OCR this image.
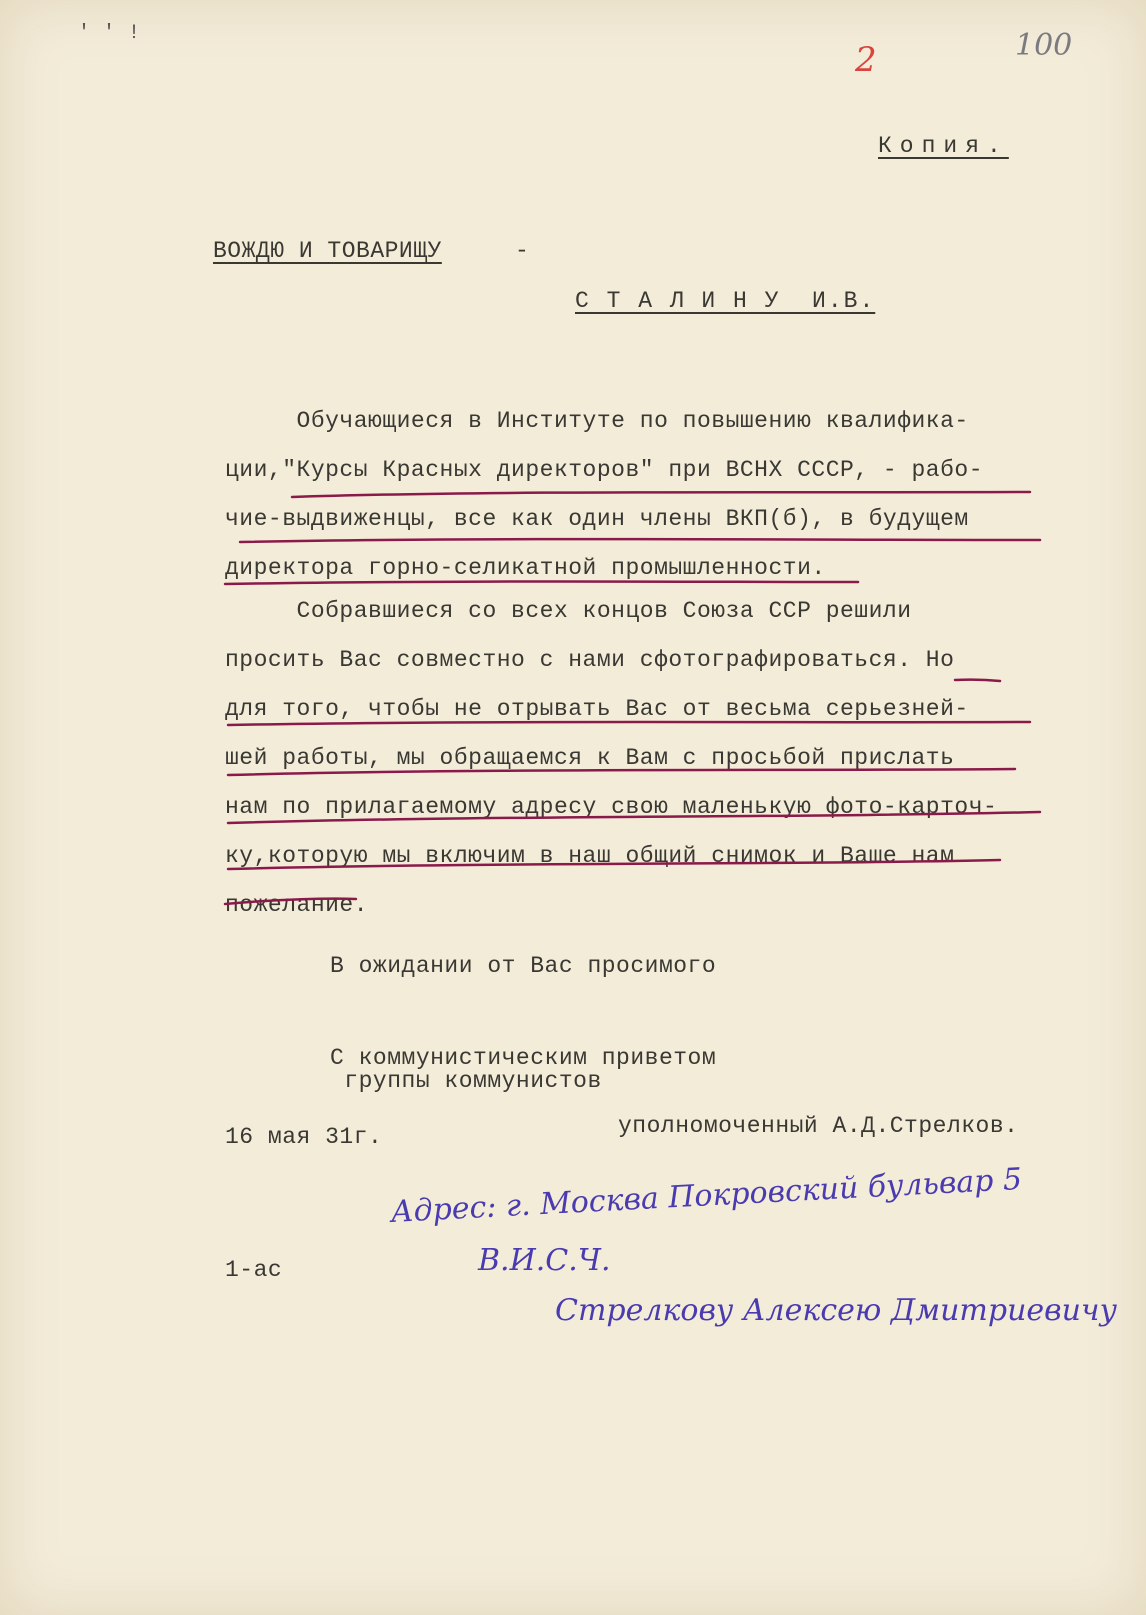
' ' !
2	100
Копия.
ВОЖДЮ И ТОВАРИЩУ	-
С Т А Л И Н У  И.В.
Обучающиеся в Институте по повышению квалифика-
ции,"Курсы Красных директоров" при ВСНХ СССР, - рабо-
чие-выдвиженцы, все как один члены ВКП(б), в будущем
директора горно-селикатной промышленности.
Собравшиеся со всех концов Союза ССР решили
просить Вас совместно с нами сфотографироваться. Но
для того, чтобы не отрывать Вас от весьма серьезней-
шей работы, мы обращаемся к Вам с просьбой прислать
нам по прилагаемому адресу свою маленькую фото-карточ-
ку,которую мы включим в наш общий снимок и Ваше нам
пожелание.
В ожидании от Вас просимого
С коммунистическим приветом
группы коммунистов
16 мая 31г.	уполномоченный А.Д.Стрелков.
1-ас
Адрес: г. Москва Покровский бульвар 5
В.И.С.Ч.
Стрелкову Алексею Дмитриевичу
